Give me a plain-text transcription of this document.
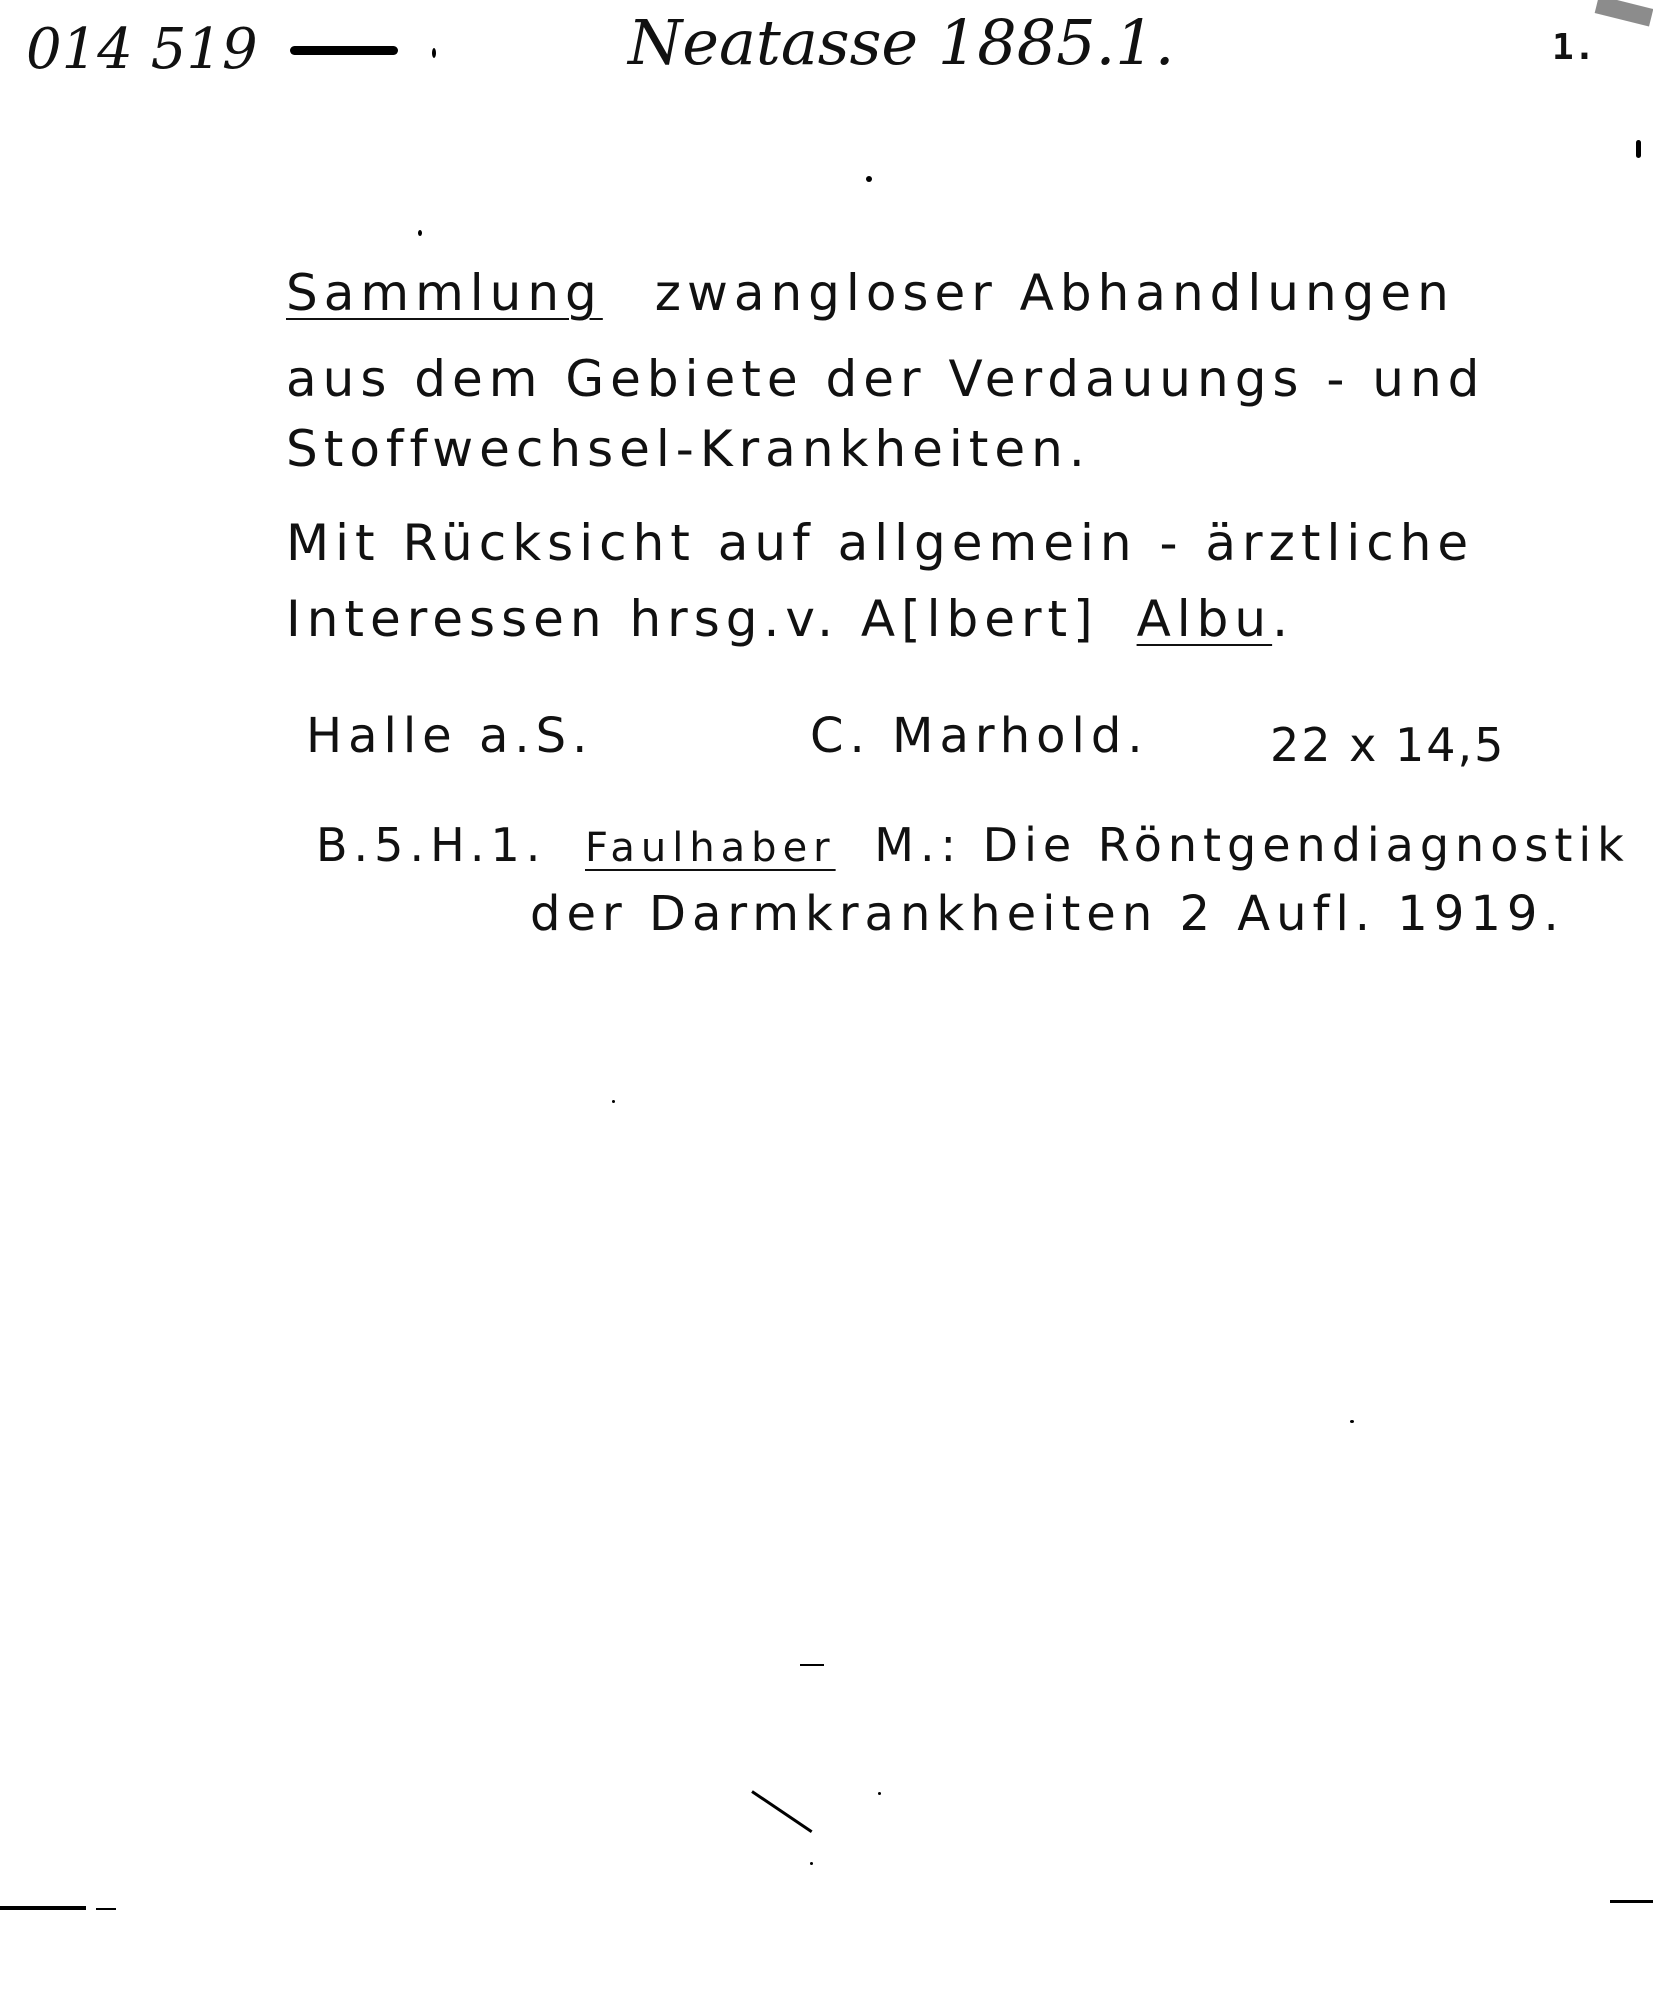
014 519	Neatasse 1885.1.	1.
Sammlung zwangloser Abhandlungen
aus dem Gebiete der Verdauungs - und
Stoffwechsel-Krankheiten.
Mit Rücksicht auf allgemein - ärztliche
Interessen hrsg.v. A[lbert] Albu.
Halle a.S.	C. Marhold.	22 x 14,5
B.5.H.1. Faulhaber M.: Die Röntgendiagnostik
der Darmkrankheiten 2 Aufl. 1919.
